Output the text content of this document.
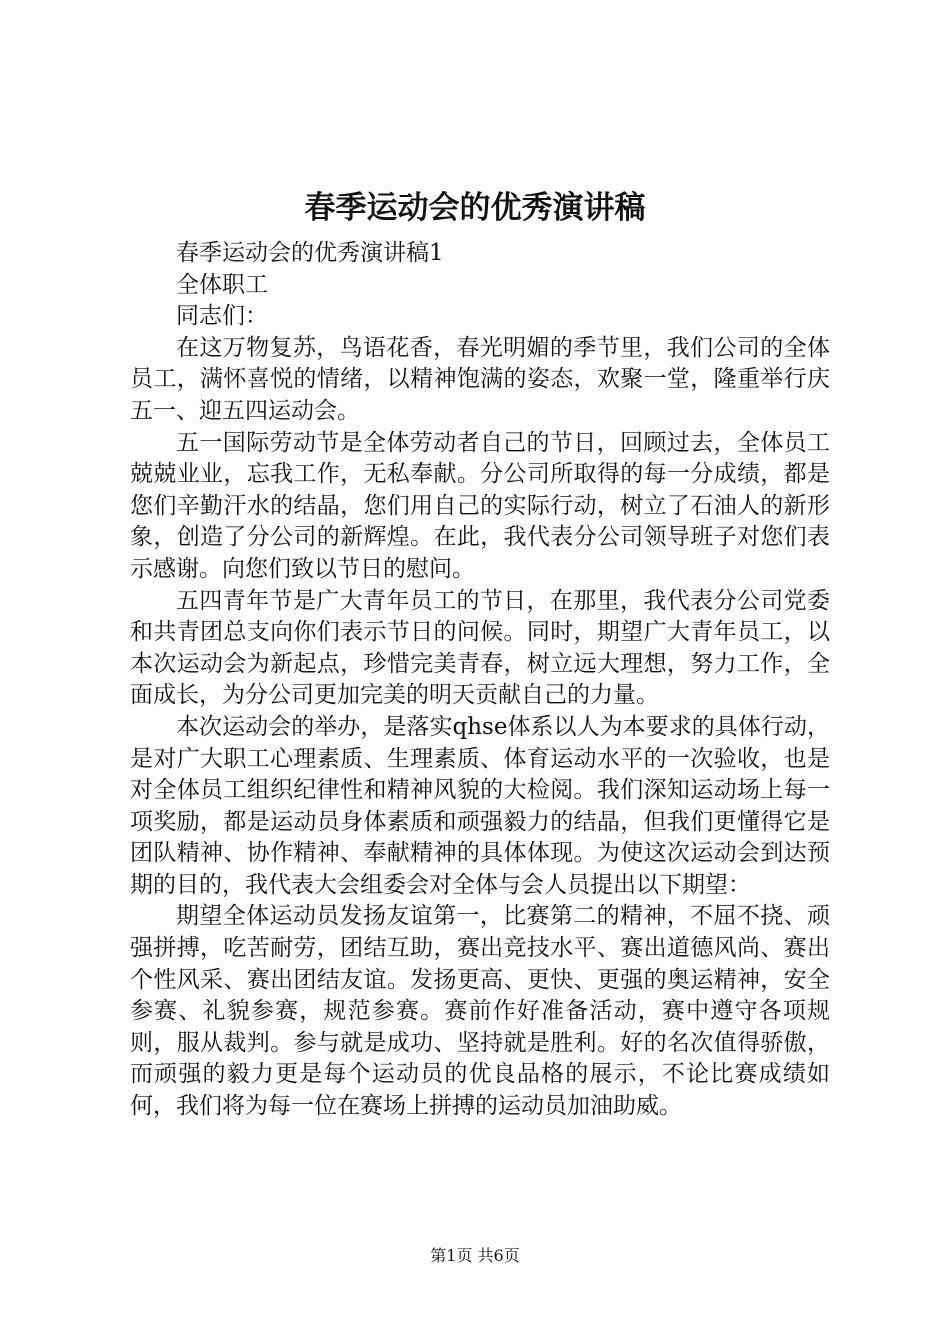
春季运动会的优秀演讲稿

春季运动会的优秀演讲稿1

全体职工

同志们：

在这万物复苏，鸟语花香，春光明媚的季节里，我们公司的全体员工，满怀喜悦的情绪，以精神饱满的姿态，欢聚一堂，隆重举行庆五一、迎五四运动会。

五一国际劳动节是全体劳动者自己的节日，回顾过去，全体员工兢兢业业，忘我工作，无私奉献。分公司所取得的每一分成绩，都是您们辛勤汗水的结晶，您们用自己的实际行动，树立了石油人的新形象，创造了分公司的新辉煌。在此，我代表分公司领导班子对您们表示感谢。向您们致以节日的慰问。

五四青年节是广大青年员工的节日，在那里，我代表分公司党委和共青团总支向你们表示节日的问候。同时，期望广大青年员工，以本次运动会为新起点，珍惜完美青春，树立远大理想，努力工作，全面成长，为分公司更加完美的明天贡献自己的力量。

本次运动会的举办，是落实qhse体系以人为本要求的具体行动，是对广大职工心理素质、生理素质、体育运动水平的一次验收，也是对全体员工组织纪律性和精神风貌的大检阅。我们深知运动场上每一项奖励，都是运动员身体素质和顽强毅力的结晶，但我们更懂得它是团队精神、协作精神、奉献精神的具体体现。为使这次运动会到达预期的目的，我代表大会组委会对全体与会人员提出以下期望：

期望全体运动员发扬友谊第一，比赛第二的精神，不屈不挠、顽强拼搏，吃苦耐劳，团结互助，赛出竞技水平、赛出道德风尚、赛出个性风采、赛出团结友谊。发扬更高、更快、更强的奥运精神，安全参赛、礼貌参赛，规范参赛。赛前作好准备活动，赛中遵守各项规则，服从裁判。参与就是成功、坚持就是胜利。好的名次值得骄傲，而顽强的毅力更是每个运动员的优良品格的展示，不论比赛成绩如何，我们将为每一位在赛场上拼搏的运动员加油助威。

第1页 共6页
